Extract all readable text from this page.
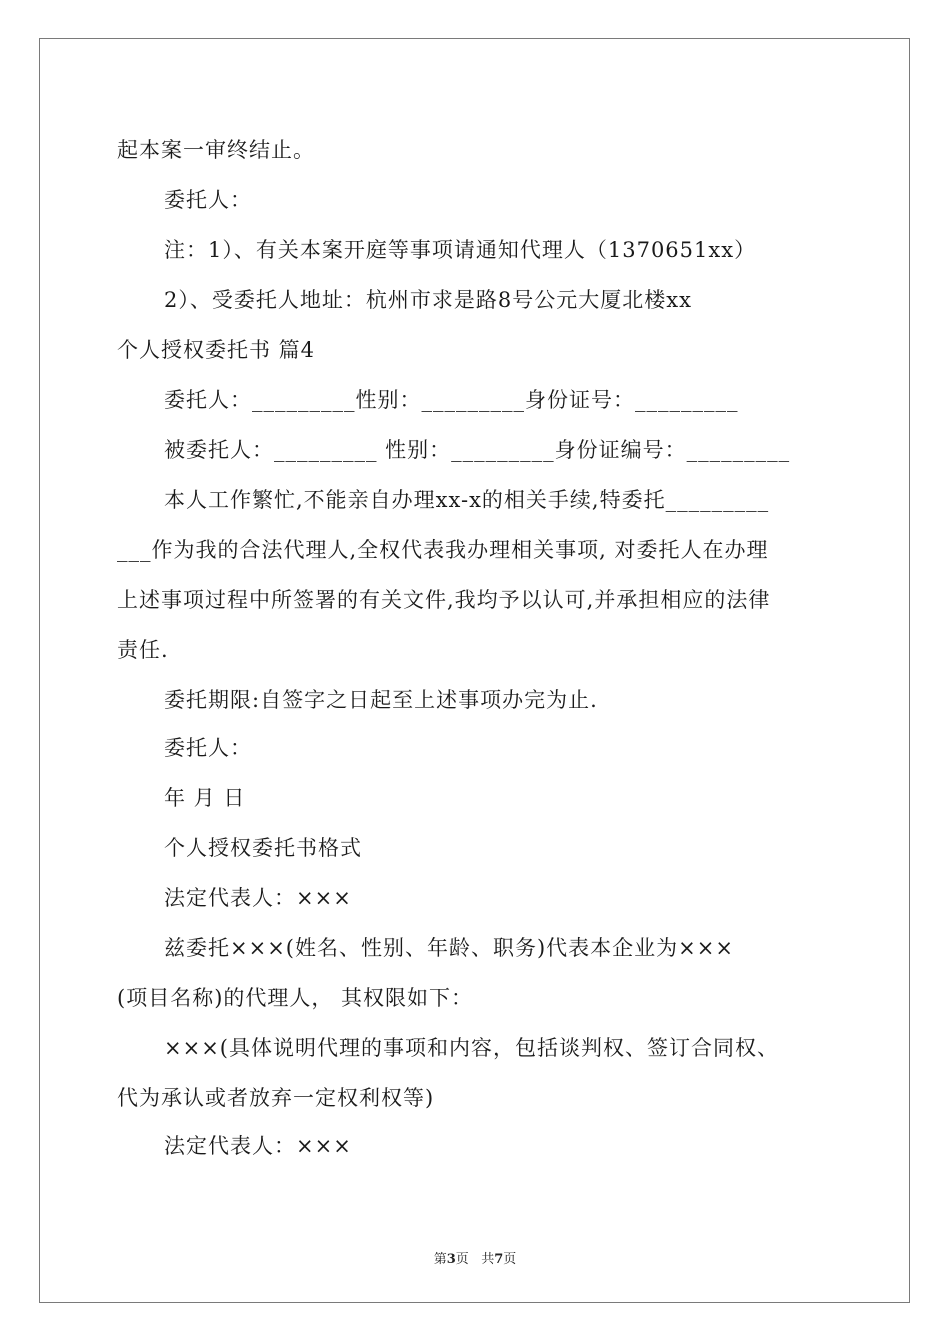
起本案一审终结止。
委托人：
注：1）、有关本案开庭等事项请通知代理人（1370651xx）
2）、受委托人地址：杭州市求是路8号公元大厦北楼xx
个人授权委托书 篇4
委托人：_________性别：_________身份证号：_________
被委托人：_________ 性别：_________身份证编号：_________
本人工作繁忙,不能亲自办理xx-x的相关手续,特委托_________
___作为我的合法代理人,全权代表我办理相关事项, 对委托人在办理
上述事项过程中所签署的有关文件,我均予以认可,并承担相应的法律
责任.
委托期限:自签字之日起至上述事项办完为止.
委托人：
年 月 日
个人授权委托书格式
法定代表人：×××
兹委托×××(姓名、性别、年龄、职务)代表本企业为×××
(项目名称)的代理人， 其权限如下：
×××(具体说明代理的事项和内容，包括谈判权、签订合同权、
代为承认或者放弃一定权利权等)
法定代表人：×××
第3页 共7页
